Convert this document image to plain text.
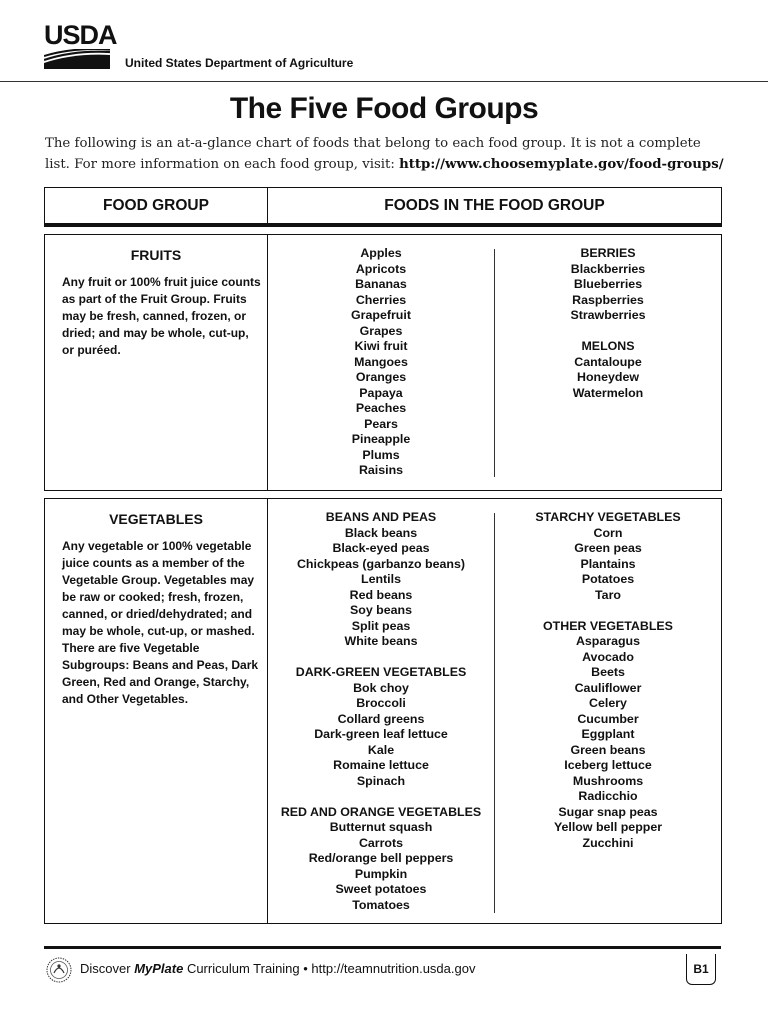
USDA
United States Department of Agriculture
The Five Food Groups
The following is an at-a-glance chart of foods that belong to each food group. It is not a complete list. For more information on each food group, visit: http://www.choosemyplate.gov/food-groups/
FOOD GROUP	FOODS IN THE FOOD GROUP
FRUITS
Any fruit or 100% fruit juice counts as part of the Fruit Group. Fruits may be fresh, canned, frozen, or dried; and may be whole, cut-up, or puréed.
Apples
Apricots
Bananas
Cherries
Grapefruit
Grapes
Kiwi fruit
Mangoes
Oranges
Papaya
Peaches
Pears
Pineapple
Plums
Raisins
BERRIES
Blackberries
Blueberries
Raspberries
Strawberries
MELONS
Cantaloupe
Honeydew
Watermelon
VEGETABLES
Any vegetable or 100% vegetable juice counts as a member of the Vegetable Group. Vegetables may be raw or cooked; fresh, frozen, canned, or dried/dehydrated; and may be whole, cut-up, or mashed. There are five Vegetable Subgroups: Beans and Peas, Dark Green, Red and Orange, Starchy, and Other Vegetables.
BEANS AND PEAS
Black beans
Black-eyed peas
Chickpeas (garbanzo beans)
Lentils
Red beans
Soy beans
Split peas
White beans
DARK-GREEN VEGETABLES
Bok choy
Broccoli
Collard greens
Dark-green leaf lettuce
Kale
Romaine lettuce
Spinach
RED AND ORANGE VEGETABLES
Butternut squash
Carrots
Red/orange bell peppers
Pumpkin
Sweet potatoes
Tomatoes
STARCHY VEGETABLES
Corn
Green peas
Plantains
Potatoes
Taro
OTHER VEGETABLES
Asparagus
Avocado
Beets
Cauliflower
Celery
Cucumber
Eggplant
Green beans
Iceberg lettuce
Mushrooms
Radicchio
Sugar snap peas
Yellow bell pepper
Zucchini
Discover MyPlate Curriculum Training • http://teamnutrition.usda.gov	B1
